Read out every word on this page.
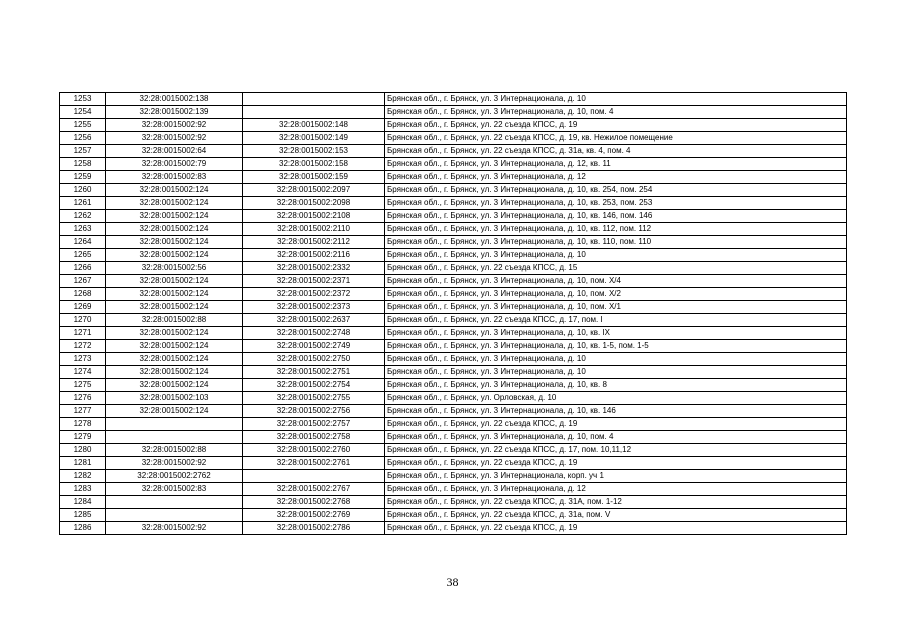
1253	32:28:0015002:138		Брянская обл., г. Брянск, ул. 3 Интернационала, д. 10
1254	32:28:0015002:139		Брянская обл., г. Брянск, ул. 3 Интернационала, д. 10, пом. 4
1255	32:28:0015002:92	32:28:0015002:148	Брянская обл., г. Брянск, ул. 22 съезда КПСС, д. 19
1256	32:28:0015002:92	32:28:0015002:149	Брянская обл., г. Брянск, ул. 22 съезда КПСС, д. 19, кв. Нежилое помещение
1257	32:28:0015002:64	32:28:0015002:153	Брянская обл., г. Брянск, ул. 22 съезда КПСС, д. 31а, кв. 4, пом. 4
1258	32:28:0015002:79	32:28:0015002:158	Брянская обл., г. Брянск, ул. 3 Интернационала, д. 12, кв. 11
1259	32:28:0015002:83	32:28:0015002:159	Брянская обл., г. Брянск, ул. 3 Интернационала, д. 12
1260	32:28:0015002:124	32:28:0015002:2097	Брянская обл., г. Брянск, ул. 3 Интернационала, д. 10, кв. 254, пом. 254
1261	32:28:0015002:124	32:28:0015002:2098	Брянская обл., г. Брянск, ул. 3 Интернационала, д. 10, кв. 253, пом. 253
1262	32:28:0015002:124	32:28:0015002:2108	Брянская обл., г. Брянск, ул. 3 Интернационала, д. 10, кв. 146, пом. 146
1263	32:28:0015002:124	32:28:0015002:2110	Брянская обл., г. Брянск, ул. 3 Интернационала, д. 10, кв. 112, пом. 112
1264	32:28:0015002:124	32:28:0015002:2112	Брянская обл., г. Брянск, ул. 3 Интернационала, д. 10, кв. 110, пом. 110
1265	32:28:0015002:124	32:28:0015002:2116	Брянская обл., г. Брянск, ул. 3 Интернационала, д. 10
1266	32:28:0015002:56	32:28:0015002:2332	Брянская обл., г. Брянск, ул. 22 съезда КПСС, д. 15
1267	32:28:0015002:124	32:28:0015002:2371	Брянская обл., г. Брянск, ул. 3 Интернационала, д. 10, пом. X/4
1268	32:28:0015002:124	32:28:0015002:2372	Брянская обл., г. Брянск, ул. 3 Интернационала, д. 10, пом. X/2
1269	32:28:0015002:124	32:28:0015002:2373	Брянская обл., г. Брянск, ул. 3 Интернационала, д. 10, пом. X/1
1270	32:28:0015002:88	32:28:0015002:2637	Брянская обл., г. Брянск, ул. 22 съезда КПСС, д. 17, пом. I
1271	32:28:0015002:124	32:28:0015002:2748	Брянская обл., г. Брянск, ул. 3 Интернационала, д. 10, кв. IX
1272	32:28:0015002:124	32:28:0015002:2749	Брянская обл., г. Брянск, ул. 3 Интернационала, д. 10, кв. 1-5, пом. 1-5
1273	32:28:0015002:124	32:28:0015002:2750	Брянская обл., г. Брянск, ул. 3 Интернационала, д. 10
1274	32:28:0015002:124	32:28:0015002:2751	Брянская обл., г. Брянск, ул. 3 Интернационала, д. 10
1275	32:28:0015002:124	32:28:0015002:2754	Брянская обл., г. Брянск, ул. 3 Интернационала, д. 10, кв. 8
1276	32:28:0015002:103	32:28:0015002:2755	Брянская обл., г. Брянск, ул. Орловская, д. 10
1277	32:28:0015002:124	32:28:0015002:2756	Брянская обл., г. Брянск, ул. 3 Интернационала, д. 10, кв. 146
1278		32:28:0015002:2757	Брянская обл., г. Брянск, ул. 22 съезда КПСС, д. 19
1279		32:28:0015002:2758	Брянская обл., г. Брянск, ул. 3 Интернационала, д. 10, пом. 4
1280	32:28:0015002:88	32:28:0015002:2760	Брянская обл., г. Брянск, ул. 22 съезда КПСС, д. 17, пом. 10,11,12
1281	32:28:0015002:92	32:28:0015002:2761	Брянская обл., г. Брянск, ул. 22 съезда КПСС, д. 19
1282	32:28:0015002:2762		Брянская обл., г. Брянск, ул. 3 Интернационала, корп. уч 1
1283	32:28:0015002:83	32:28:0015002:2767	Брянская обл., г. Брянск, ул. 3 Интернационала, д. 12
1284		32:28:0015002:2768	Брянская обл., г. Брянск, ул. 22 съезда КПСС, д. 31А, пом. 1-12
1285		32:28:0015002:2769	Брянская обл., г. Брянск, ул. 22 съезда КПСС, д. 31а, пом. V
1286	32:28:0015002:92	32:28:0015002:2786	Брянская обл., г. Брянск, ул. 22 съезда КПСС, д. 19
38
